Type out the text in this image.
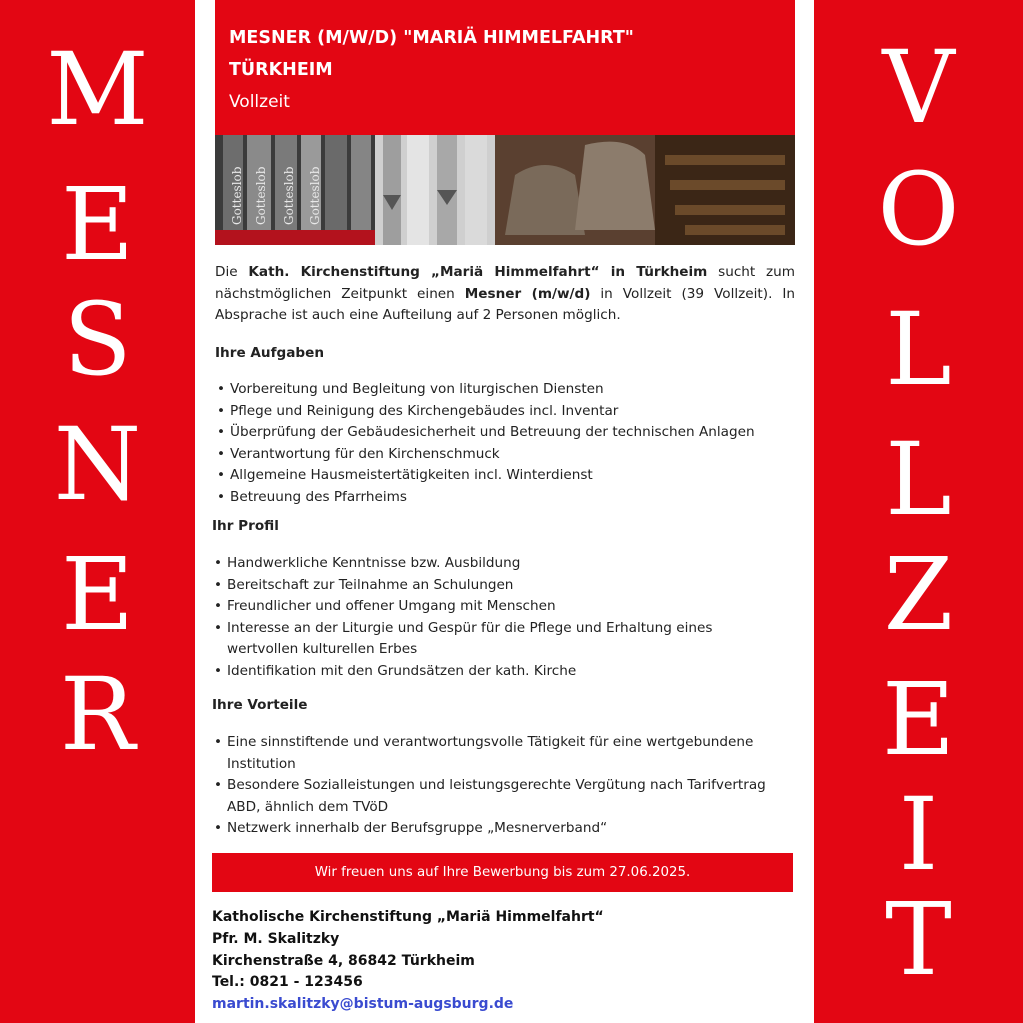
M
E
S
N
E
R
V
O
L
L
Z
E
I
T
MESNER (M/W/D) "MARIÄ HIMMELFAHRT"
TÜRKHEIM
Vollzeit
Gotteslob Gotteslob Gotteslob Gotteslob
Die Kath. Kirchenstiftung „Mariä Himmelfahrt“ in Türkheim sucht zum nächstmöglichen Zeitpunkt einen Mesner (m/w/d) in Vollzeit (39 Vollzeit). In Absprache ist auch eine Aufteilung auf 2 Personen möglich.
Ihre Aufgaben
• Vorbereitung und Begleitung von liturgischen Diensten
• Pflege und Reinigung des Kirchengebäudes incl. Inventar
• Überprüfung der Gebäudesicherheit und Betreuung der technischen Anlagen
• Verantwortung für den Kirchenschmuck
• Allgemeine Hausmeistertätigkeiten incl. Winterdienst
• Betreuung des Pfarrheims
Ihr Profil
• Handwerkliche Kenntnisse bzw. Ausbildung
• Bereitschaft zur Teilnahme an Schulungen
• Freundlicher und offener Umgang mit Menschen
• Interesse an der Liturgie und Gespür für die Pflege und Erhaltung eines wertvollen kulturellen Erbes
• Identifikation mit den Grundsätzen der kath. Kirche
Ihre Vorteile
• Eine sinnstiftende und verantwortungsvolle Tätigkeit für eine wertgebundene Institution
• Besondere Sozialleistungen und leistungsgerechte Vergütung nach Tarifvertrag ABD, ähnlich dem TVöD
• Netzwerk innerhalb der Berufsgruppe „Mesnerverband“
Wir freuen uns auf Ihre Bewerbung bis zum 27.06.2025.
Katholische Kirchenstiftung „Mariä Himmelfahrt“
Pfr. M. Skalitzky
Kirchenstraße 4, 86842 Türkheim
Tel.: 0821 - 123456
martin.skalitzky@bistum-augsburg.de
